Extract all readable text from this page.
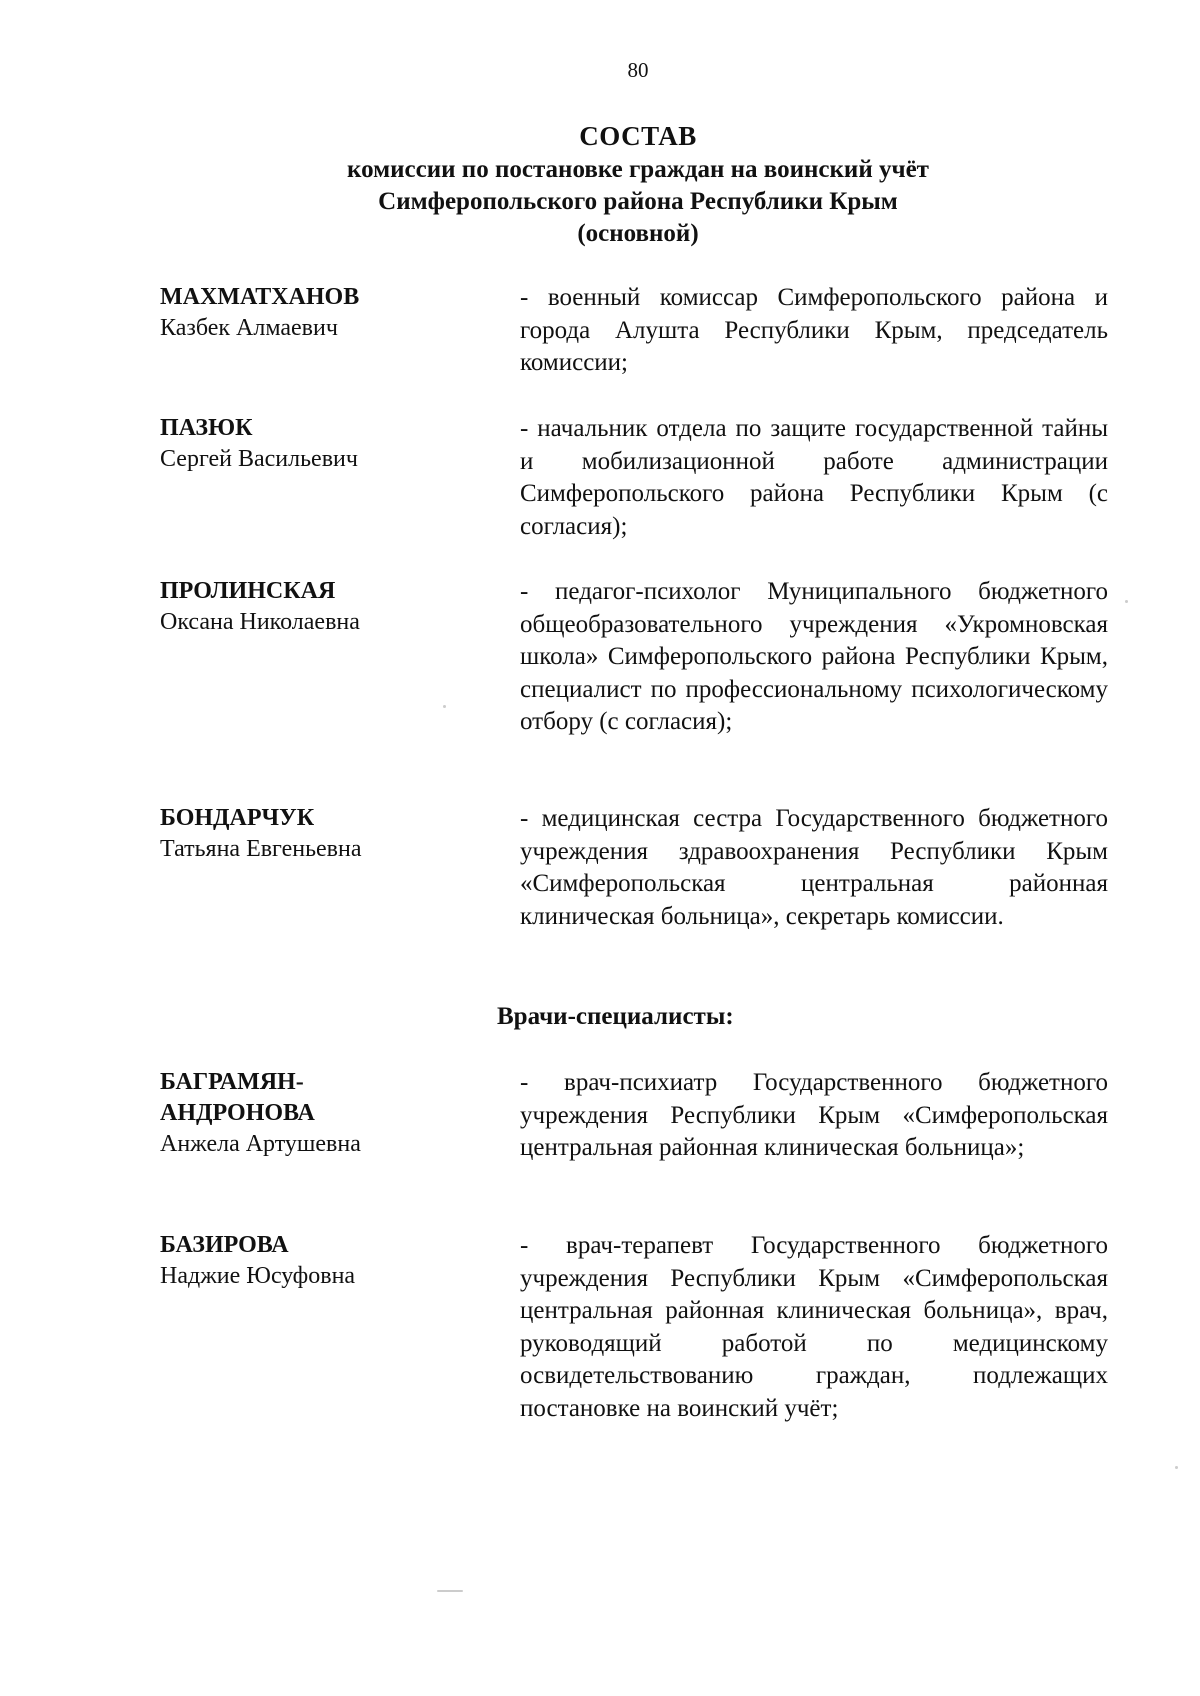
80
СОСТАВ
комиссии по постановке граждан на воинский учёт
Симферопольского района Республики Крым
(основной)
МАХМАТХАНОВ
Казбек Алмаевич
- военный комиссар Симферопольского района и города Алушта Республики Крым, председатель комиссии;
ПАЗЮК
Сергей Васильевич
- начальник отдела по защите государственной тайны и мобилизационной работе администрации Симферопольского района Республики Крым (с согласия);
ПРОЛИНСКАЯ
Оксана Николаевна
- педагог-психолог Муниципального бюджетного общеобразовательного учреждения «Укромновская школа» Симферопольского района Республики Крым, специалист по профессиональному психологическому отбору (с согласия);
БОНДАРЧУК
Татьяна Евгеньевна
- медицинская сестра Государственного бюджетного учреждения здравоохранения Республики Крым «Симферопольская центральная районная клиническая больница», секретарь комиссии.
Врачи-специалисты:
БАГРАМЯН-
АНДРОНОВА
Анжела Артушевна
- врач-психиатр Государственного бюджетного учреждения Республики Крым «Симферопольская центральная районная клиническая больница»;
БАЗИРОВА
Наджие Юсуфовна
- врач-терапевт Государственного бюджетного учреждения Республики Крым «Симферопольская центральная районная клиническая больница», врач, руководящий работой по медицинскому освидетельствованию граждан, подлежащих постановке на воинский учёт;
